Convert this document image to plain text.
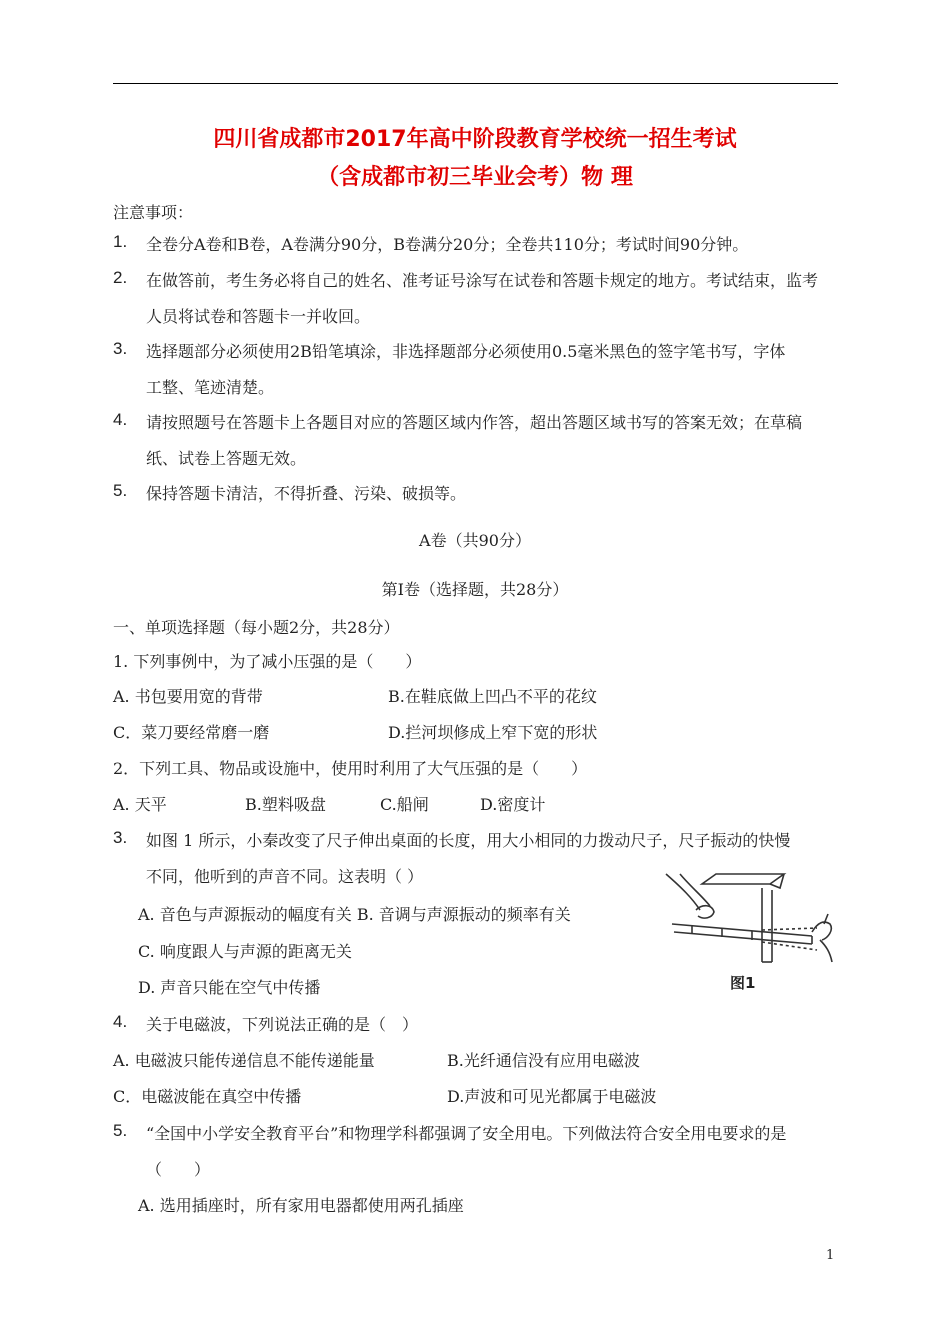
四川省成都市2017年高中阶段教育学校统一招生考试
（含成都市初三毕业会考）物 理
注意事项：
1. 全卷分A卷和B卷，A卷满分90分，B卷满分20分；全卷共110分；考试时间90分钟。
2. 在做答前，考生务必将自己的姓名、准考证号涂写在试卷和答题卡规定的地方。考试结束，监考
人员将试卷和答题卡一并收回。
3. 选择题部分必须使用2B铅笔填涂，非选择题部分必须使用0.5毫米黑色的签字笔书写，字体
工整、笔迹清楚。
4. 请按照题号在答题卡上各题目对应的答题区域内作答，超出答题区域书写的答案无效；在草稿
纸、试卷上答题无效。
5. 保持答题卡清洁，不得折叠、污染、破损等。
A卷（共90分）
第Ⅰ卷（选择题，共28分）
一、单项选择题（每小题2分，共28分）
1. 下列事例中，为了减小压强的是（　　）
A. 书包要用宽的背带	B.在鞋底做上凹凸不平的花纹
C．菜刀要经常磨一磨	D.拦河坝修成上窄下宽的形状
2．下列工具、物品或设施中，使用时利用了大气压强的是（　　）
A. 天平	B.塑料吸盘	C.船闸	D.密度计
3. 如图 1 所示，小秦改变了尺子伸出桌面的长度，用大小相同的力拨动尺子，尺子振动的快慢
不同，他听到的声音不同。这表明（ ）
A. 音色与声源振动的幅度有关 B. 音调与声源振动的频率有关
C. 响度跟人与声源的距离无关
D. 声音只能在空气中传播	图1
4. 关于电磁波，下列说法正确的是（　）
A. 电磁波只能传递信息不能传递能量	B.光纤通信没有应用电磁波
C．电磁波能在真空中传播	D.声波和可见光都属于电磁波
5. “全国中小学安全教育平台”和物理学科都强调了安全用电。下列做法符合安全用电要求的是
（　　）
A. 选用插座时，所有家用电器都使用两孔插座
1
